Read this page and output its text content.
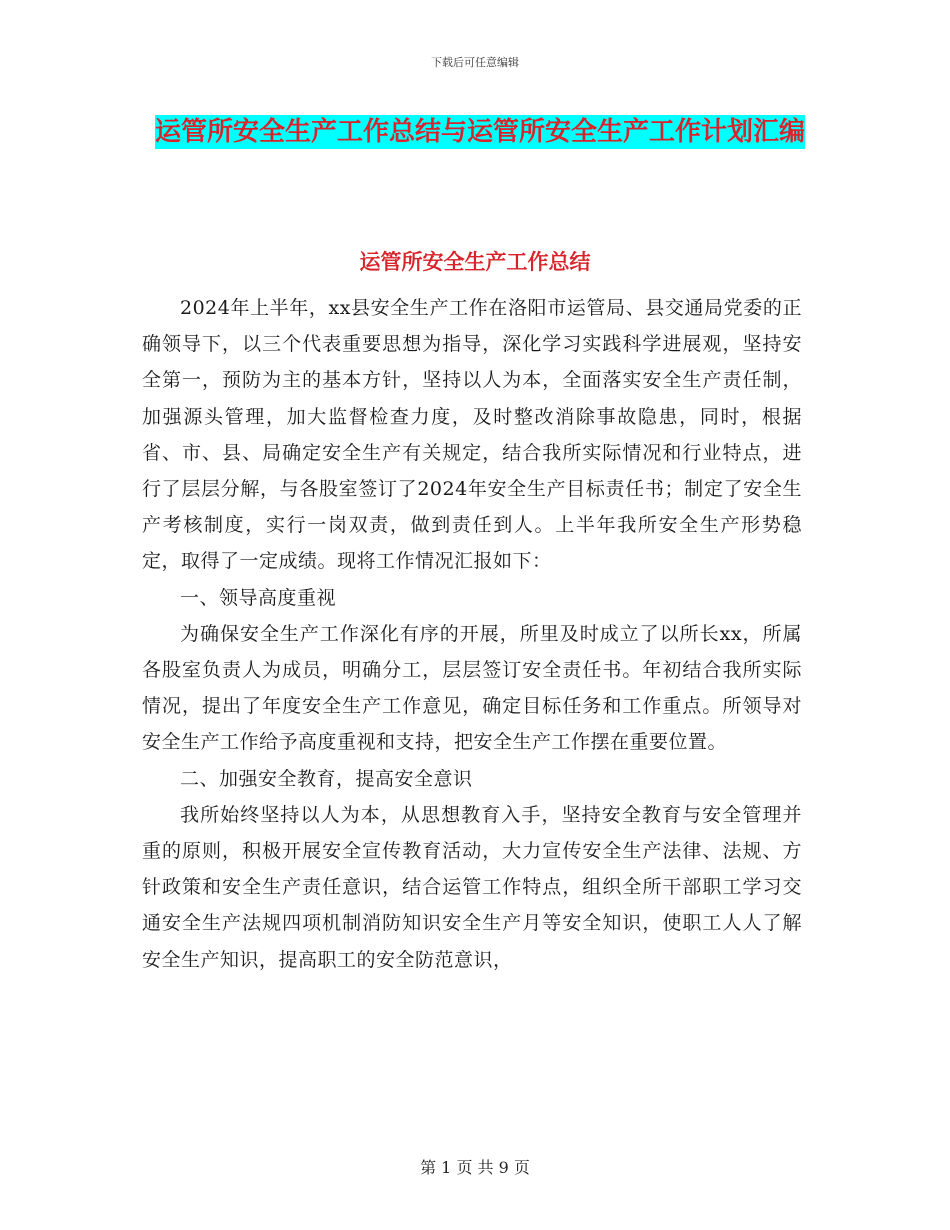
下载后可任意编辑
运管所安全生产工作总结与运管所安全生产工作计划汇编
运管所安全生产工作总结

2024年上半年，xx县安全生产工作在洛阳市运管局、县交通局党委的正确领导下，以三个代表重要思想为指导，深化学习实践科学进展观，坚持安全第一，预防为主的基本方针，坚持以人为本，全面落实安全生产责任制，加强源头管理，加大监督检查力度，及时整改消除事故隐患，同时，根据省、市、县、局确定安全生产有关规定，结合我所实际情况和行业特点，进行了层层分解，与各股室签订了2024年安全生产目标责任书；制定了安全生产考核制度，实行一岗双责，做到责任到人。上半年我所安全生产形势稳定，取得了一定成绩。现将工作情况汇报如下：

一、领导高度重视

为确保安全生产工作深化有序的开展，所里及时成立了以所长xx，所属各股室负责人为成员，明确分工，层层签订安全责任书。年初结合我所实际情况，提出了年度安全生产工作意见，确定目标任务和工作重点。所领导对安全生产工作给予高度重视和支持，把安全生产工作摆在重要位置。

二、加强安全教育，提高安全意识

我所始终坚持以人为本，从思想教育入手，坚持安全教育与安全管理并重的原则，积极开展安全宣传教育活动，大力宣传安全生产法律、法规、方针政策和安全生产责任意识，结合运管工作特点，组织全所干部职工学习交通安全生产法规四项机制消防知识安全生产月等安全知识，使职工人人了解安全生产知识，提高职工的安全防范意识，

第 1 页 共 9 页
